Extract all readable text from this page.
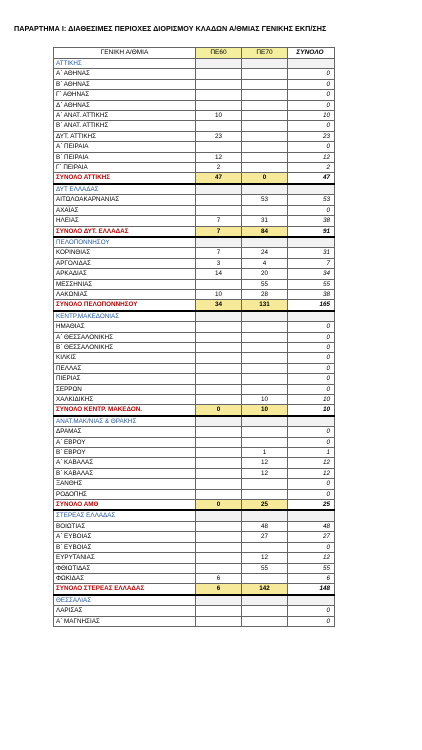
ΠΑΡΑΡΤΗΜΑ Ι: ΔΙΑΘΕΣΙΜΕΣ ΠΕΡΙΟΧΕΣ ΔΙΟΡΙΣΜΟΥ ΚΛΑΔΩΝ Α/ΘΜΙΑΣ ΓΕΝΙΚΗΣ ΕΚΠ/ΣΗΣ
ΓΕΝΙΚΗ Α/ΘΜΙΑ	ΠΕ60	ΠΕ70	ΣΥΝΟΛΟ
ΑΤΤΙΚΗΣ			
Α΄ ΑΘΗΝΑΣ			0
Β΄ ΑΘΗΝΑΣ			0
Γ΄ ΑΘΗΝΑΣ			0
Δ΄ ΑΘΗΝΑΣ			0
Α΄ ΑΝΑΤ. ΑΤΤΙΚΗΣ	10		10
Β΄ ΑΝΑΤ. ΑΤΤΙΚΗΣ			0
ΔΥΤ. ΑΤΤΙΚΗΣ	23		23
Α΄ ΠΕΙΡΑΙΑ			0
Β΄ ΠΕΙΡΑΙΑ	12		12
Γ΄ ΠΕΙΡΑΙΑ	2		2
ΣΥΝΟΛΟ ΑΤΤΙΚΗΣ	47	0	47
ΔΥΤ ΕΛΛΑΔΑΣ			
ΑΙΤΩΛΟΑΚΑΡΝΑΝΙΑΣ		53	53
ΑΧΑΪΑΣ			0
ΗΛΕΙΑΣ	7	31	38
ΣΥΝΟΛΟ ΔΥΤ. ΕΛΛΑΔΑΣ	7	84	91
ΠΕΛΟΠΟΝΝΗΣΟΥ			
ΚΟΡΙΝΘΙΑΣ	7	24	31
ΑΡΓΟΛΙΔΑΣ	3	4	7
ΑΡΚΑΔΙΑΣ	14	20	34
ΜΕΣΣΗΝΙΑΣ		55	55
ΛΑΚΩΝΙΑΣ	10	28	38
ΣΥΝΟΛΟ ΠΕΛΟΠΟΝΝΗΣΟΥ	34	131	165
ΚΕΝΤΡ.ΜΑΚΕΔΟΝΙΑΣ			
ΗΜΑΘΙΑΣ			0
Α΄ ΘΕΣΣΑΛΟΝΙΚΗΣ			0
Β΄ ΘΕΣΣΑΛΟΝΙΚΗΣ			0
ΚΙΛΚΙΣ			0
ΠΕΛΛΑΣ			0
ΠΙΕΡΙΑΣ			0
ΣΕΡΡΩΝ			0
ΧΑΛΚΙΔΙΚΗΣ		10	10
ΣΥΝΟΛΟ ΚΕΝΤΡ. ΜΑΚΕΔΟΝ.	0	10	10
ΑΝΑΤ.ΜΑΚ/ΝΙΑΣ & ΘΡΑΚΗΣ			
ΔΡΑΜΑΣ			0
Α΄ ΕΒΡΟΥ			0
Β΄ ΕΒΡΟΥ		1	1
Α΄ ΚΑΒΑΛΑΣ		12	12
Β΄ ΚΑΒΑΛΑΣ		12	12
ΞΑΝΘΗΣ			0
ΡΟΔΟΠΗΣ			0
ΣΥΝΟΛΟ ΑΜΘ	0	25	25
ΣΤΕΡΕΑΣ ΕΛΛΑΔΑΣ			
ΒΟΙΩΤΙΑΣ		48	48
Α΄ ΕΥΒΟΙΑΣ		27	27
Β΄ ΕΥΒΟΙΑΣ			0
ΕΥΡΥΤΑΝΙΑΣ		12	12
ΦΘΙΩΤΙΔΑΣ		55	55
ΦΩΚΙΔΑΣ	6		6
ΣΥΝΟΛΟ ΣΤΕΡΕΑΣ ΕΛΛΑΔΑΣ	6	142	148
ΘΕΣΣΑΛΙΑΣ			
ΛΑΡΙΣΑΣ			0
Α΄ ΜΑΓΝΗΣΙΑΣ			0
